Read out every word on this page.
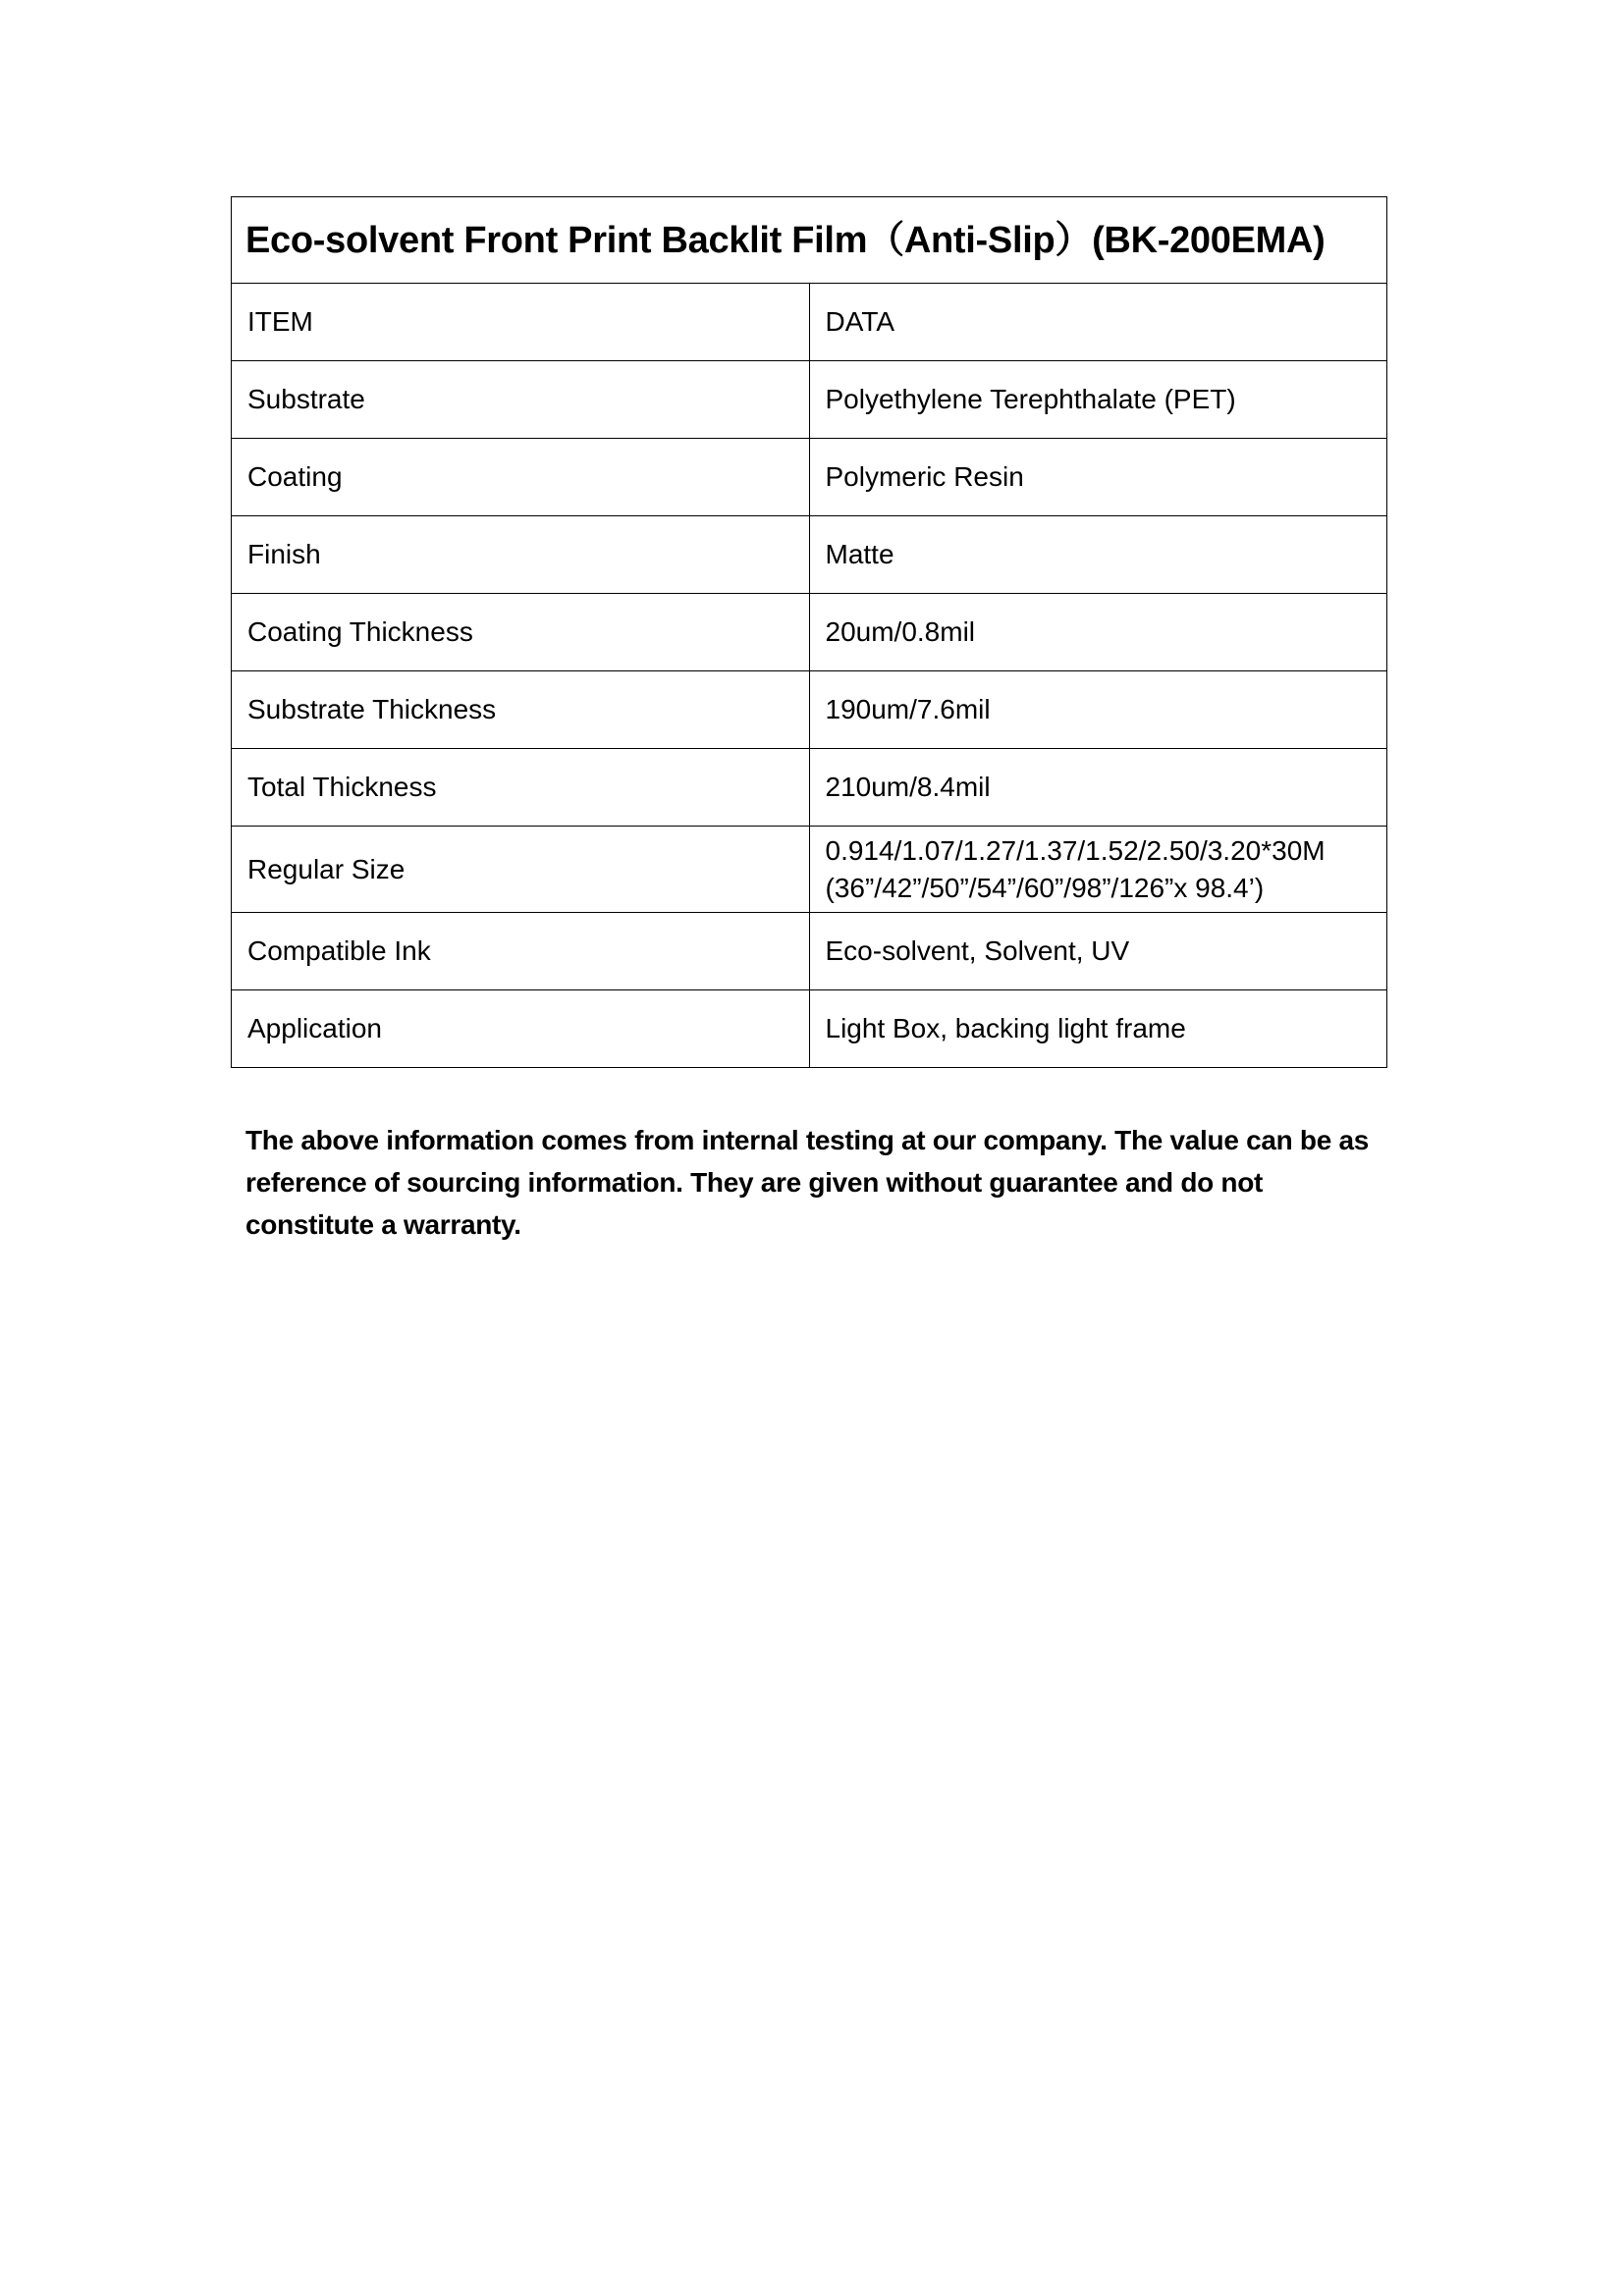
Eco-solvent Front Print Backlit Film（Anti-Slip）(BK-200EMA)	
ITEM	DATA
Substrate	Polyethylene Terephthalate (PET)
Coating	Polymeric Resin
Finish	Matte
Coating Thickness	20um/0.8mil
Substrate Thickness	190um/7.6mil
Total Thickness	210um/8.4mil
Regular Size	0.914/1.07/1.27/1.37/1.52/2.50/3.20*30M
(36”/42”/50”/54”/60”/98”/126”x 98.4’)

Compatible Ink	Eco-solvent, Solvent, UV
Application	Light Box, backing light frame

The above information comes from internal testing at our company. The value can be as reference of sourcing information. They are given without guarantee and do not constitute a warranty.
